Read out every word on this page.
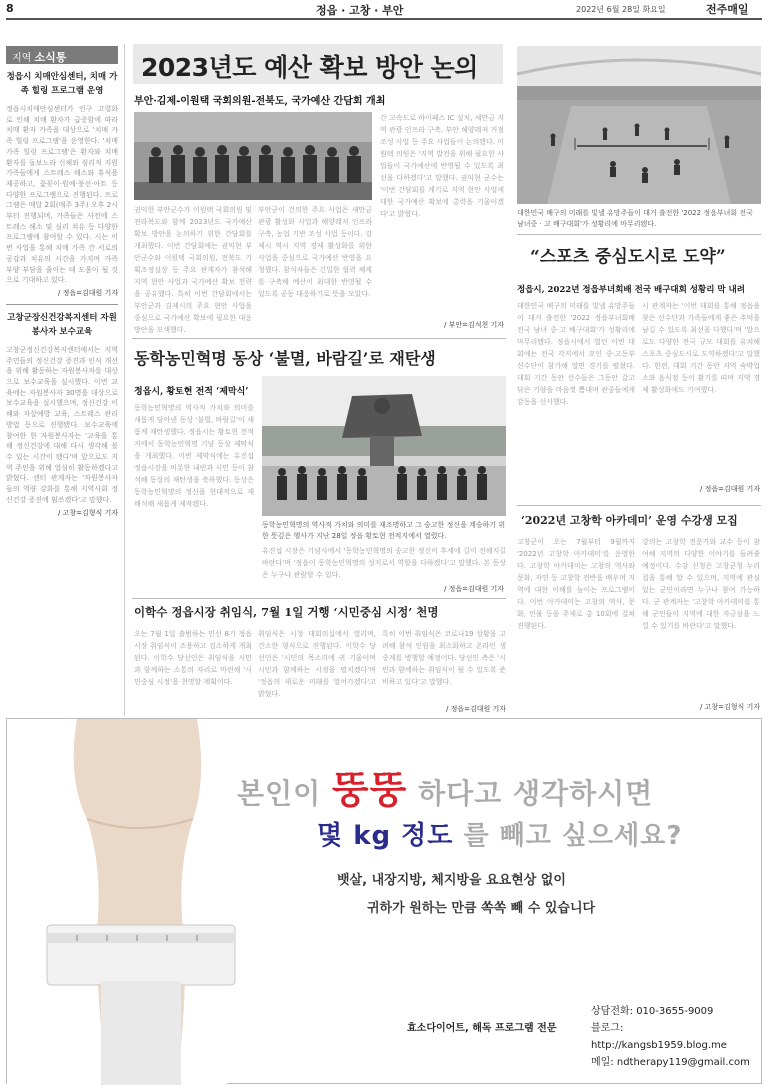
8	정읍 · 고창 · 부안	2022년 6월 28일 화요일	전주매일
지역 소식통
정읍시 치매안심센터, 치매 가족 힐링 프로그램 운영
정읍시치매안심센터가 인구 고령화로 인해 치매 환자가 급증함에 따라 치매 환자 가족을 대상으로 '치매 가족 힐링 프로그램'을 운영한다. '치매 가족 힐링 프로그램'은 환자와 치매 환자를 돌보느라 신체와 심리적 지원 가족들에게 스트레스 해소와 휴식을 제공하고, 꽃꽂이·원예·풍선·아트 등 다양한 프로그램으로 진행된다. 프로그램은 매달 2회(매주 3주) 오후 2시부터 진행되며, 가족들은 사전에 스트레스 해소 및 심리 치유 등 다양한 프로그램에 참여할 수 있다. 시는 이번 사업을 통해 치매 가족 간 서로의 공감과 치유의 시간을 가지며 가족 부양 부담을 줄이는 데 도움이 될 것으로 기대하고 있다.
/ 정읍=김대원 기자
고창군장신건강복지센터 자원봉사자 보수교육
고창군정신건강복지센터에서는 지역 주민들의 정신건강 증진과 인식 개선을 위해 활동하는 자원봉사자를 대상으로 보수교육을 실시했다. 이번 교육에는 자원봉사자 30명을 대상으로 보수교육을 실시했으며, 정신건강 이해와 자살예방 교육, 스트레스 관리 방법 등으로 진행됐다. 보수교육에 참여한 한 자원봉사자는 '교육을 통해 정신건강에 대해 다시 생각해 볼 수 있는 시간이 됐다'며 앞으로도 지역 주민을 위해 열심히 활동하겠다고 밝혔다. 센터 관계자는 '자원봉사자들의 역량 강화를 통해 지역사회 정신건강 증진에 힘쓰겠다'고 말했다.
/ 고창=김형식 기자
2023년도 예산 확보 방안 논의
부안·김제-이원택 국회의원-전북도, 국가예산 간담회 개최
권익현 부안군수가 이원택 국회의원 및 전라북도와 함께 2023년도 국가예산 확보 방안을 논의하기 위한 간담회를 개최했다. 이번 간담회에는 권익현 부안군수와 이원택 국회의원, 전북도 기획조정실장 등 주요 관계자가 참석해 지역 현안 사업과 국가예산 확보 전략을 공유했다. 특히 이번 간담회에서는 부안군과 김제시의 주요 현안 사업을 중심으로 국가예산 확보에 필요한 대응 방안을 모색했다.
부안군이 건의한 주요 사업은 새만금 관광 활성화 사업과 해양레저 인프라 구축, 농업 기반 조성 사업 등이다. 김제시 역시 지역 경제 활성화를 위한 사업을 중심으로 국가예산 반영을 요청했다. 참석자들은 긴밀한 협력 체계를 구축해 예산이 최대한 반영될 수 있도록 공동 대응하기로 뜻을 모았다.
간 고속도로 하이패스 IC 설치, 새만금 지역 관광 인프라 구축, 부안 해양레저 거점 조성 사업 등 주요 사업들이 논의됐다. 이원택 의원은 '지역 발전을 위해 필요한 사업들이 국가예산에 반영될 수 있도록 최선을 다하겠다'고 말했다. 권익현 군수는 '이번 간담회를 계기로 지역 현안 사업에 대한 국가예산 확보에 총력을 기울이겠다'고 밝혔다.
/ 부안=김석천 기자
대한민국 배구의 미래를 빛낼 유망주들이 대거 출전한 '2022 정읍부녀회 전국 남녀중 · 고 배구대회'가 성황리에 마무리됐다.
“스포츠 중심도시로 도약”
정읍시, 2022년 정읍부녀회배 전국 배구대회 성황리 막 내려
대한민국 배구의 미래를 빛낼 유망주들이 대거 출전한 '2022 정읍부녀회배 전국 남녀 중·고 배구대회'가 성황리에 마무리됐다. 정읍시에서 열린 이번 대회에는 전국 각지에서 모인 중·고등부 선수단이 참가해 열띤 경기를 펼쳤다. 대회 기간 동안 선수들은 그동안 갈고닦은 기량을 마음껏 뽐내며 관중들에게 감동을 선사했다.
시 관계자는 '이번 대회를 통해 정읍을 찾은 선수단과 가족들에게 좋은 추억을 남길 수 있도록 최선을 다했다'며 '앞으로도 다양한 전국 규모 대회를 유치해 스포츠 중심도시로 도약하겠다'고 말했다. 한편, 대회 기간 동안 지역 숙박업소와 음식점 등이 활기를 띠며 지역 경제 활성화에도 기여했다.
/ 정읍=김대원 기자
동학농민혁명 동상 ‘불멸, 바람길’로 재탄생
정읍시, 황토현 전적 ‘제막식’
동학농민혁명의 역사적 가치와 의미를 새롭게 담아낸 동상 '불멸, 바람길'이 새롭게 재탄생했다. 정읍시는 황토현 전적지에서 동학농민혁명 기념 동상 제막식을 개최했다. 이번 제막식에는 유진섭 정읍시장을 비롯한 내빈과 시민 등이 참석해 동상의 재탄생을 축하했다. 동상은 동학농민혁명의 정신을 현대적으로 재해석해 새롭게 제작됐다.
동학농민혁명의 역사적 가치와 의미를 재조명하고 그 숭고한 정신을 계승하기 위한 뜻깊은 행사가 지난 28일 정읍 황토현 전적지에서 열렸다.
유진섭 시장은 기념사에서 '동학농민혁명의 숭고한 정신이 후세에 길이 전해지길 바란다'며 '정읍이 동학농민혁명의 성지로서 역할을 다하겠다'고 말했다. 본 동상은 누구나 관람할 수 있다.
/ 정읍=김대원 기자
‘2022년 고창학 아카데미’ 운영 수강생 모집
고창군이 오는 7월부터 9월까지 '2022년 고창학 아카데미'를 운영한다. 고창학 아카데미는 고창의 역사와 문화, 자연 등 고창학 전반을 배우며 지역에 대한 이해를 높이는 프로그램이다. 이번 아카데미는 고창의 역사, 문화, 인물 등을 주제로 총 10회에 걸쳐 진행된다.
강의는 고창학 전문가와 교수 등이 참여해 지역의 다양한 이야기를 들려줄 예정이다. 수강 신청은 고창군청 누리집을 통해 할 수 있으며, 지역에 관심 있는 군민이라면 누구나 참여 가능하다. 군 관계자는 '고창학 아카데미를 통해 군민들이 지역에 대한 자긍심을 느낄 수 있기를 바란다'고 말했다.
/ 고창=김형식 기자
이학수 정읍시장 취임식, 7월 1일 거행 ‘시민중심 시정’ 천명
오는 7월 1일 출범하는 민선 8기 정읍시장 취임식이 조용하고 검소하게 개최된다. 이학수 당선인은 취임식을 시민과 함께하는 소통의 자리로 마련해 '시민중심 시정'을 천명할 계획이다.
취임식은 시청 대회의실에서 열리며, 간소한 형식으로 진행된다. 이학수 당선인은 '시민의 목소리에 귀 기울이며 시민과 함께하는 시정을 펼치겠다'며 '정읍의 새로운 미래를 열어가겠다'고 밝혔다.
특히 이번 취임식은 코로나19 상황을 고려해 참석 인원을 최소화하고 온라인 생중계를 병행할 예정이다. 당선인 측은 '시민과 함께하는 취임식이 될 수 있도록 준비하고 있다'고 말했다.
/ 정읍=김대원 기자
본인이 뚱뚱 하다고 생각하시면
몇 kg 정도 를 빼고 싶으세요?
뱃살, 내장지방, 체지방을 요요현상 없이
귀하가 원하는 만큼 쏙쏙 빼 수 있습니다
효소다이어트, 해독 프로그램 전문
상담전화: 010-3655-9009
블로그: http://kangsb1959.blog.me
메일: ndtherapy119@gmail.com
